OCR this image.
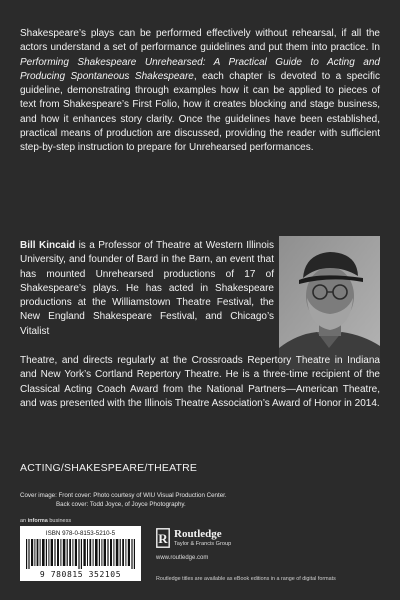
Shakespeare’s plays can be performed effectively without rehearsal, if all the actors understand a set of performance guidelines and put them into practice. In Performing Shakespeare Unrehearsed: A Practical Guide to Acting and Producing Spontaneous Shakespeare, each chapter is devoted to a specific guideline, demonstrating through examples how it can be applied to pieces of text from Shakespeare’s First Folio, how it creates blocking and stage business, and how it enhances story clarity. Once the guidelines have been established, practical means of production are discussed, providing the reader with sufficient step-by-step instruction to prepare for Unrehearsed performances.

Bill Kincaid is a Professor of Theatre at Western Illinois University, and founder of Bard in the Barn, an event that has mounted Unrehearsed productions of 17 of Shakespeare’s plays. He has acted in Shakespeare productions at the Williamstown Theatre Festival, the New England Shakespeare Festival, and Chicago’s Vitalist

Theatre, and directs regularly at the Crossroads Repertory Theatre in Indiana and New York’s Cortland Repertory Theatre. He is a three-time recipient of the Classical Acting Coach Award from the National Partners—American Theatre, and was presented with the Illinois Theatre Association’s Award of Honor in 2014.

ACTING/SHAKESPEARE/THEATRE
Cover image: Front cover: Photo courtesy of WIU Visual Production Center.
Back cover: Todd Joyce, of Joyce Photography.
an informa business
ISBN 978-0-8153-5210-5
9 780815 352105
R Routledge
Taylor & Francis Group
www.routledge.com
Routledge titles are available as eBook editions in a range of digital formats
